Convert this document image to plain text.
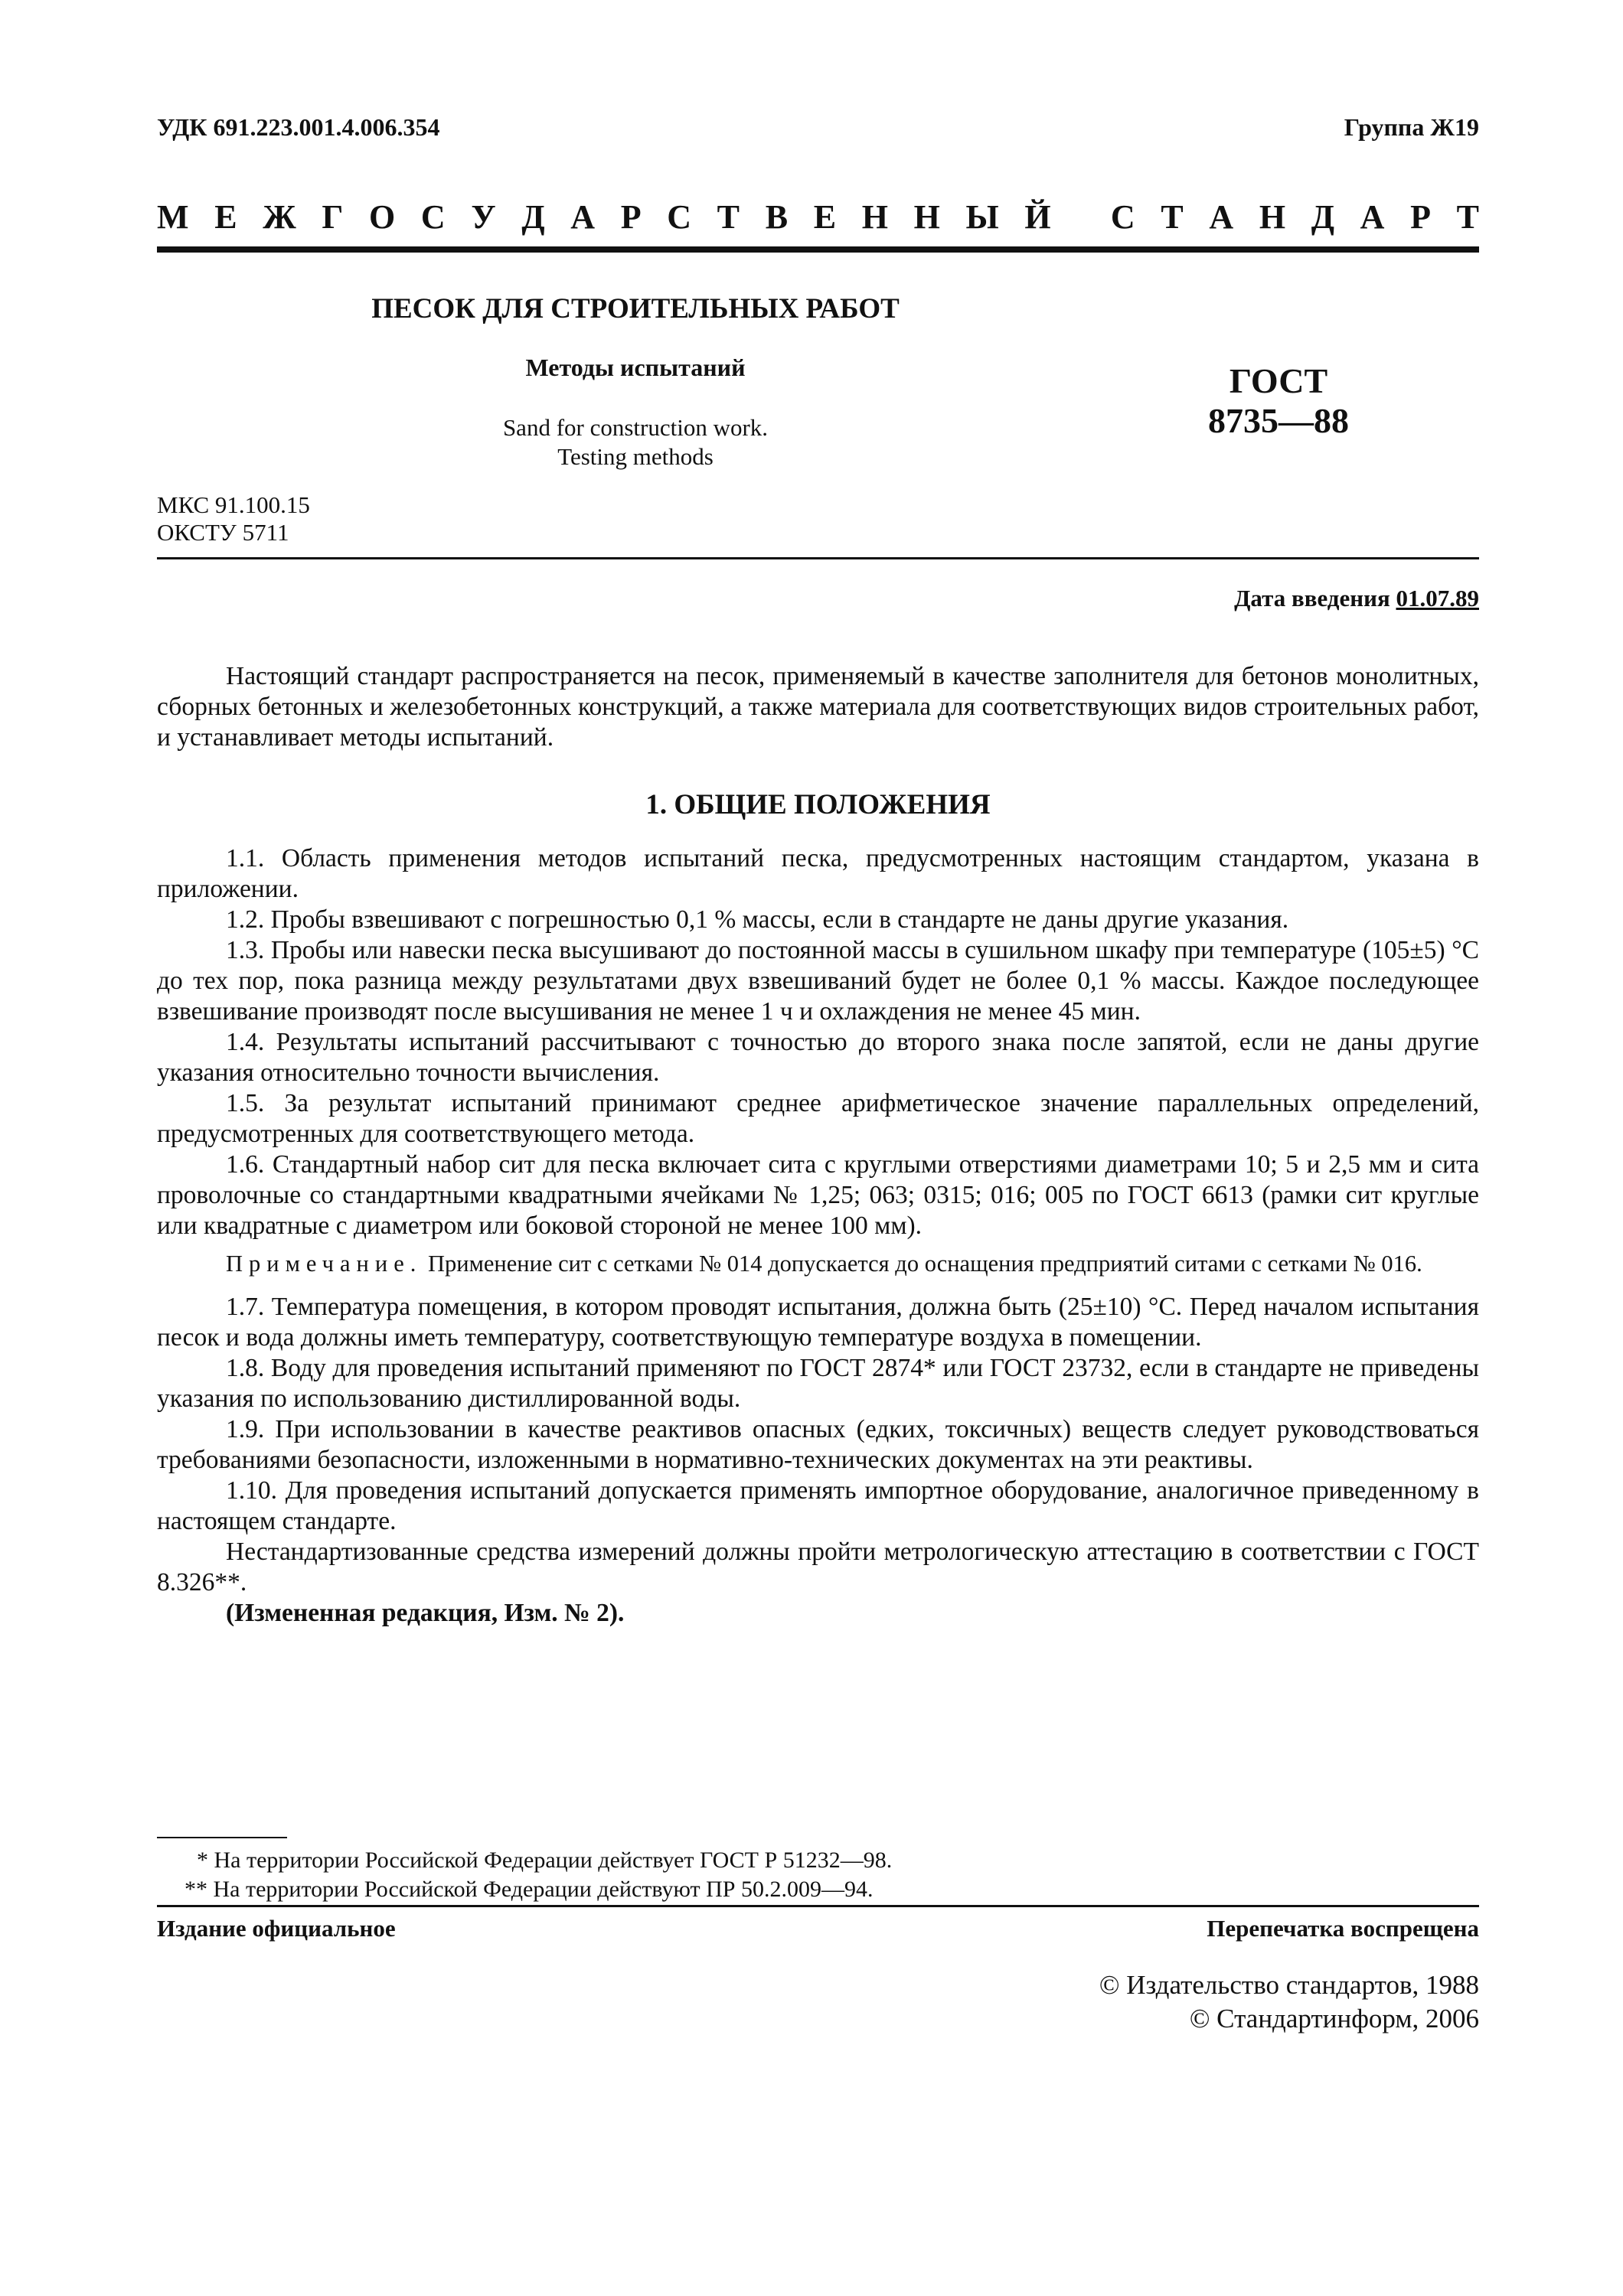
УДК 691.223.001.4.006.354	Группа Ж19
М Е Ж Г О С У Д А Р С Т В Е Н Н Ы Й
С Т А Н Д А Р Т
ПЕСОК ДЛЯ СТРОИТЕЛЬНЫХ РАБОТ
Методы испытаний
Sand for construction work.
Testing methods
ГОСТ
8735—88
МКС 91.100.15
ОКСТУ 5711
Дата введения 01.07.89

Настоящий стандарт распространяется на песок, применяемый в качестве заполнителя для бетонов монолитных, сборных бетонных и железобетонных конструкций, а также материала для соответствующих видов строительных работ, и устанавливает методы испытаний.

1. ОБЩИЕ ПОЛОЖЕНИЯ

1.1. Область применения методов испытаний песка, предусмотренных настоящим стандартом, указана в приложении.

1.2. Пробы взвешивают с погрешностью 0,1 % массы, если в стандарте не даны другие указания.

1.3. Пробы или навески песка высушивают до постоянной массы в сушильном шкафу при температуре (105±5) °С до тех пор, пока разница между результатами двух взвешиваний будет не более 0,1 % массы. Каждое последующее взвешивание производят после высушивания не менее 1 ч и охлаждения не менее 45 мин.

1.4. Результаты испытаний рассчитывают с точностью до второго знака после запятой, если не даны другие указания относительно точности вычисления.

1.5. За результат испытаний принимают среднее арифметическое значение параллельных определений, предусмотренных для соответствующего метода.

1.6. Стандартный набор сит для песка включает сита с круглыми отверстиями диаметрами 10; 5 и 2,5 мм и сита проволочные со стандартными квадратными ячейками № 1,25; 063; 0315; 016; 005 по ГОСТ 6613 (рамки сит круглые или квадратные с диаметром или боковой стороной не менее 100 мм).

Примечание. Применение сит с сетками № 014 допускается до оснащения предприятий ситами с сетками № 016.

1.7. Температура помещения, в котором проводят испытания, должна быть (25±10) °С. Перед началом испытания песок и вода должны иметь температуру, соответствующую температуре воздуха в помещении.

1.8. Воду для проведения испытаний применяют по ГОСТ 2874* или ГОСТ 23732, если в стандарте не приведены указания по использованию дистиллированной воды.

1.9. При использовании в качестве реактивов опасных (едких, токсичных) веществ следует руководствоваться требованиями безопасности, изложенными в нормативно-технических документах на эти реактивы.

1.10. Для проведения испытаний допускается применять импортное оборудование, аналогичное приведенному в настоящем стандарте.

Нестандартизованные средства измерений должны пройти метрологическую аттестацию в соответствии с ГОСТ 8.326**.

(Измененная редакция, Изм. № 2).

* На территории Российской Федерации действует ГОСТ Р 51232—98.
** На территории Российской Федерации действуют ПР 50.2.009—94.
Издание официальное	Перепечатка воспрещена
© Издательство стандартов, 1988
© Стандартинформ, 2006
